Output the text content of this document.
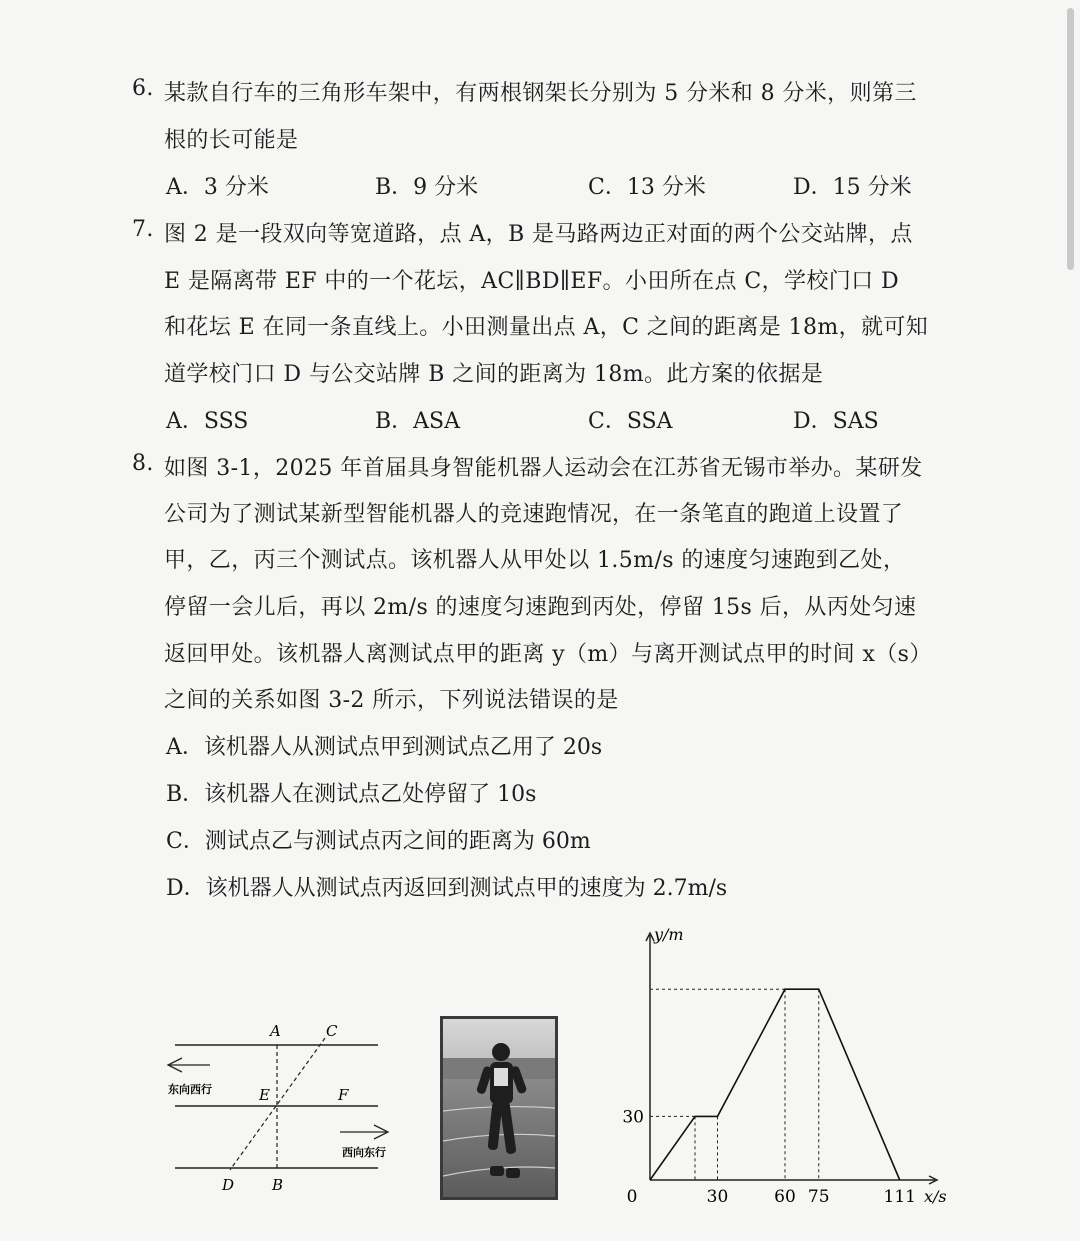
6. 某款自行车的三角形车架中，有两根钢架长分别为 5 分米和 8 分米，则第三
根的长可能是
A．3 分米	B．9 分米	C．13 分米	D．15 分米
7. 图 2 是一段双向等宽道路，点 A，B 是马路两边正对面的两个公交站牌，点
E 是隔离带 EF 中的一个花坛，AC∥BD∥EF。小田所在点 C，学校门口 D
和花坛 E 在同一条直线上。小田测量出点 A，C 之间的距离是 18m，就可知
道学校门口 D 与公交站牌 B 之间的距离为 18m。此方案的依据是
A．SSS	B．ASA	C．SSA	D．SAS
8. 如图 3-1，2025 年首届具身智能机器人运动会在江苏省无锡市举办。某研发
公司为了测试某新型智能机器人的竞速跑情况，在一条笔直的跑道上设置了
甲，乙，丙三个测试点。该机器人从甲处以 1.5m/s 的速度匀速跑到乙处，
停留一会儿后，再以 2m/s 的速度匀速跑到丙处，停留 15s 后，从丙处匀速
返回甲处。该机器人离测试点甲的距离 y（m）与离开测试点甲的时间 x（s）
之间的关系如图 3-2 所示，下列说法错误的是
A．该机器人从测试点甲到测试点乙用了 20s
B．该机器人在测试点乙处停留了 10s
C．测试点乙与测试点丙之间的距离为 60m
D．该机器人从测试点丙返回到测试点甲的速度为 2.7m/s
A	C
E	F
D	B
东向西行
西向东行
x/s
y/m
0	30	60 75	111
30
